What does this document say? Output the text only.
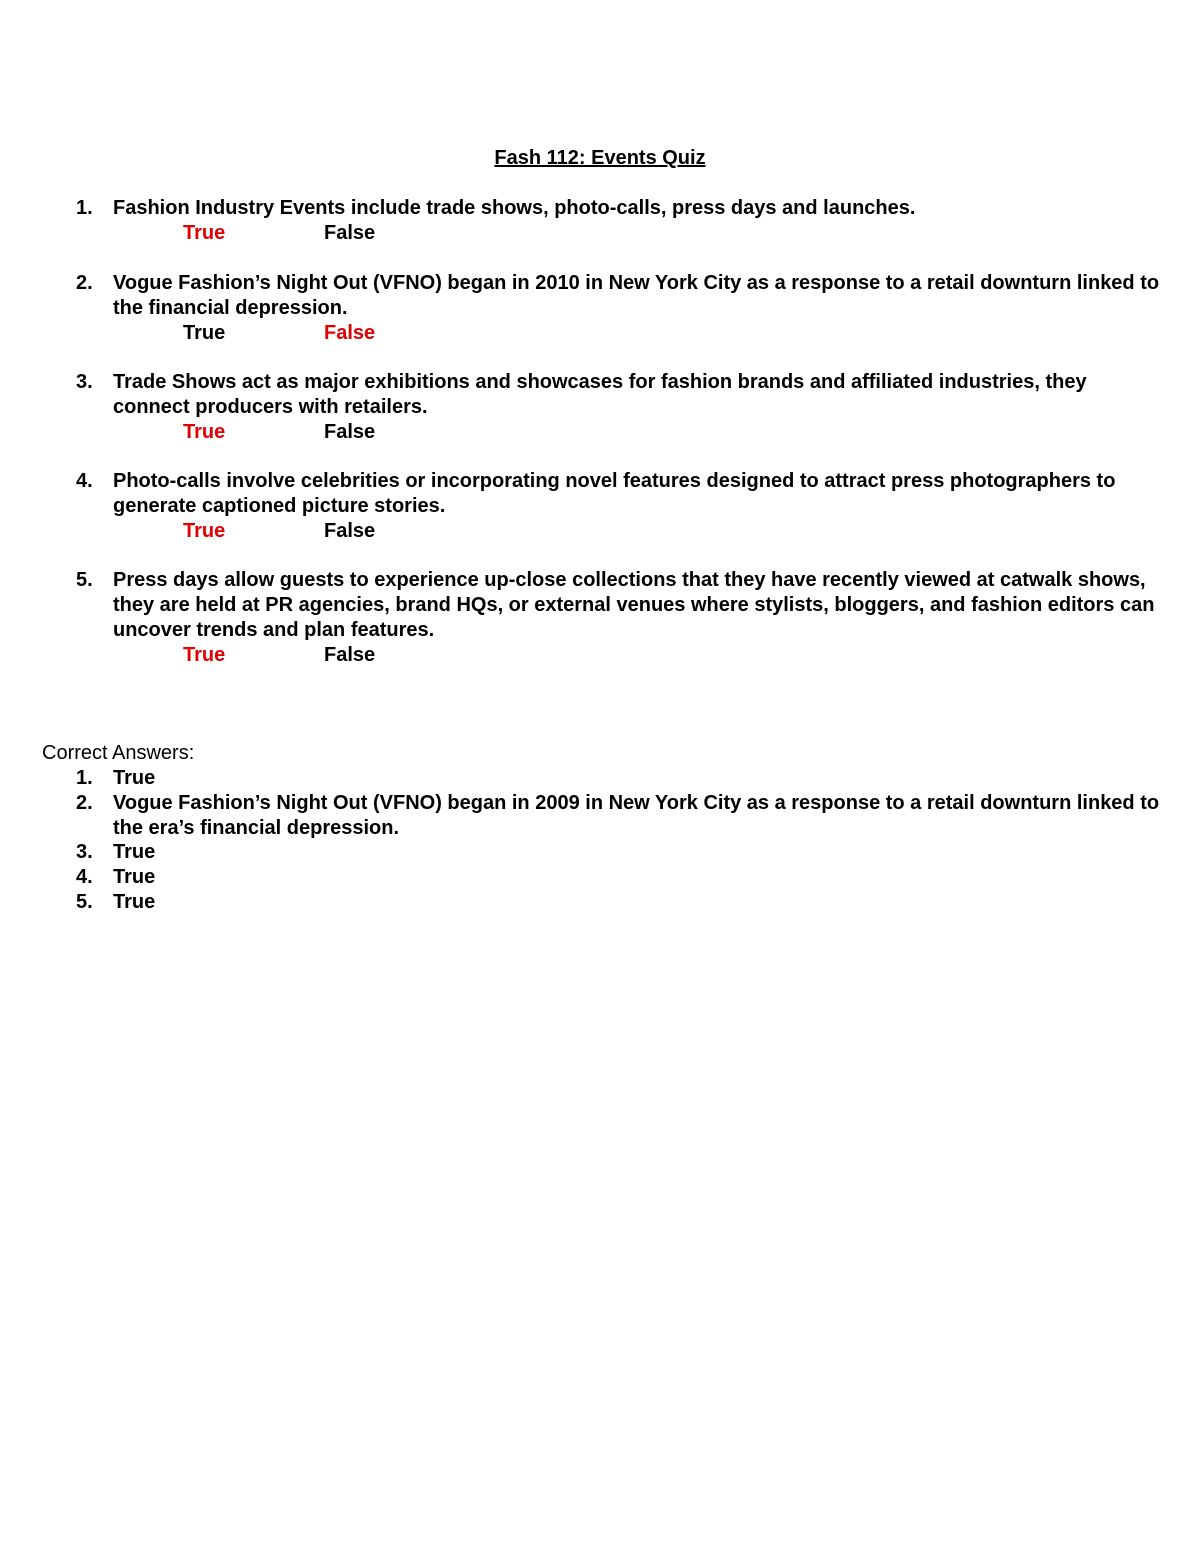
Fash 112: Events Quiz
1.	Fashion Industry Events include trade shows, photo-calls, press days and launches.
True	False
2.	Vogue Fashion’s Night Out (VFNO) began in 2010 in New York City as a response to a retail downturn linked to the financial depression.
True	False
3.	Trade Shows act as major exhibitions and showcases for fashion brands and affiliated industries, they connect producers with retailers.
True	False
4.	Photo-calls involve celebrities or incorporating novel features designed to attract press photographers to generate captioned picture stories.
True	False
5.	Press days allow guests to experience up-close collections that they have recently viewed at catwalk shows, they are held at PR agencies, brand HQs, or external venues where stylists, bloggers, and fashion editors can uncover trends and plan features.
True	False
Correct Answers:
1.	True
2.	Vogue Fashion’s Night Out (VFNO) began in 2009 in New York City as a response to a retail downturn linked to the era’s financial depression.
3.	True
4.	True
5.	True
